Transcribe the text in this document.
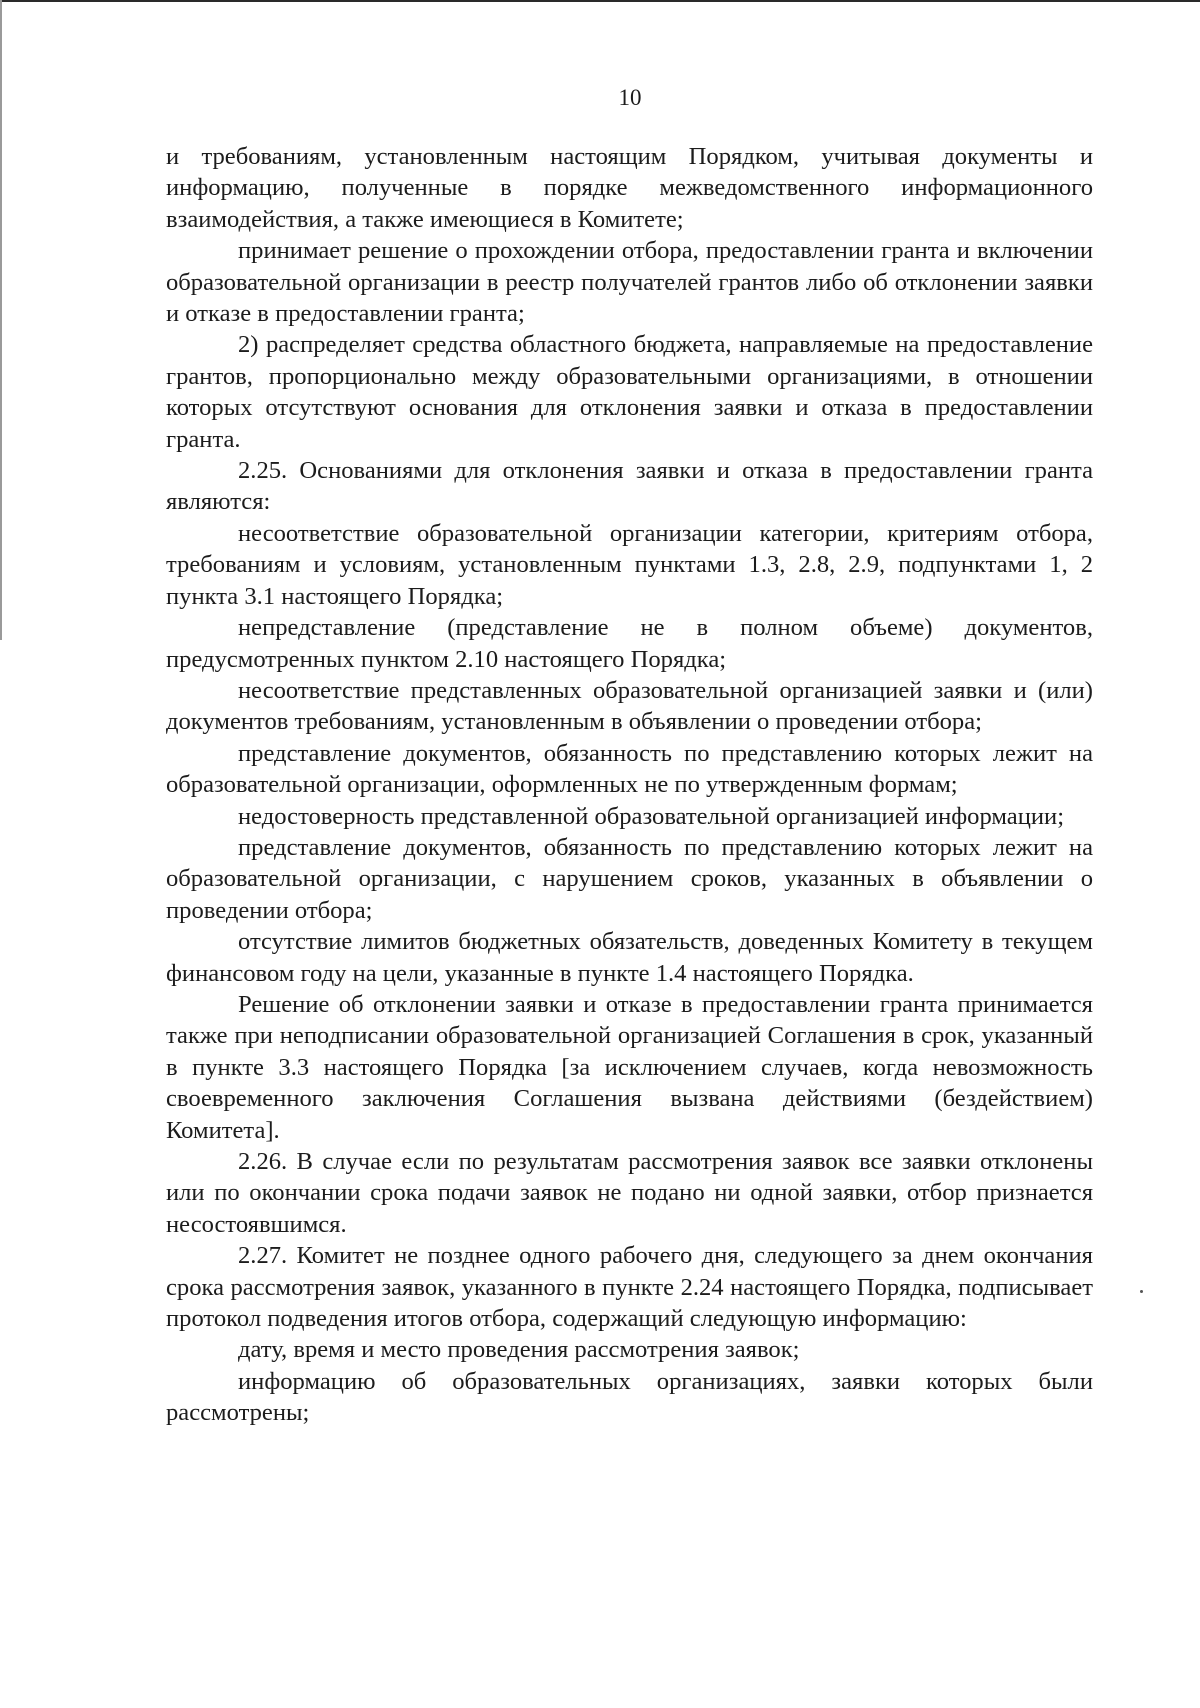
10

и требованиям, установленным настоящим Порядком, учитывая документы и информацию, полученные в порядке межведомственного информационного взаимодействия, а также имеющиеся в Комитете;

принимает решение о прохождении отбора, предоставлении гранта и включении образовательной организации в реестр получателей грантов либо об отклонении заявки и отказе в предоставлении гранта;

2) распределяет средства областного бюджета, направляемые на предоставление грантов, пропорционально между образовательными организациями, в отношении которых отсутствуют основания для отклонения заявки и отказа в предоставлении гранта.

2.25. Основаниями для отклонения заявки и отказа в предоставлении гранта являются:

несоответствие образовательной организации категории, критериям отбора, требованиям и условиям, установленным пунктами 1.3, 2.8, 2.9, подпунктами 1, 2 пункта 3.1 настоящего Порядка;

непредставление (представление не в полном объеме) документов, предусмотренных пунктом 2.10 настоящего Порядка;

несоответствие представленных образовательной организацией заявки и (или) документов требованиям, установленным в объявлении о проведении отбора;

представление документов, обязанность по представлению которых лежит на образовательной организации, оформленных не по утвержденным формам;

недостоверность представленной образовательной организацией информации;

представление документов, обязанность по представлению которых лежит на образовательной организации, с нарушением сроков, указанных в объявлении о проведении отбора;

отсутствие лимитов бюджетных обязательств, доведенных Комитету в текущем финансовом году на цели, указанные в пункте 1.4 настоящего Порядка.

Решение об отклонении заявки и отказе в предоставлении гранта принимается также при неподписании образовательной организацией Соглашения в срок, указанный в пункте 3.3 настоящего Порядка [за исключением случаев, когда невозможность своевременного заключения Соглашения вызвана действиями (бездействием) Комитета].

2.26. В случае если по результатам рассмотрения заявок все заявки отклонены или по окончании срока подачи заявок не подано ни одной заявки, отбор признается несостоявшимся.

2.27. Комитет не позднее одного рабочего дня, следующего за днем окончания срока рассмотрения заявок, указанного в пункте 2.24 настоящего Порядка, подписывает протокол подведения итогов отбора, содержащий следующую информацию:

дату, время и место проведения рассмотрения заявок;

информацию об образовательных организациях, заявки которых были рассмотрены;
